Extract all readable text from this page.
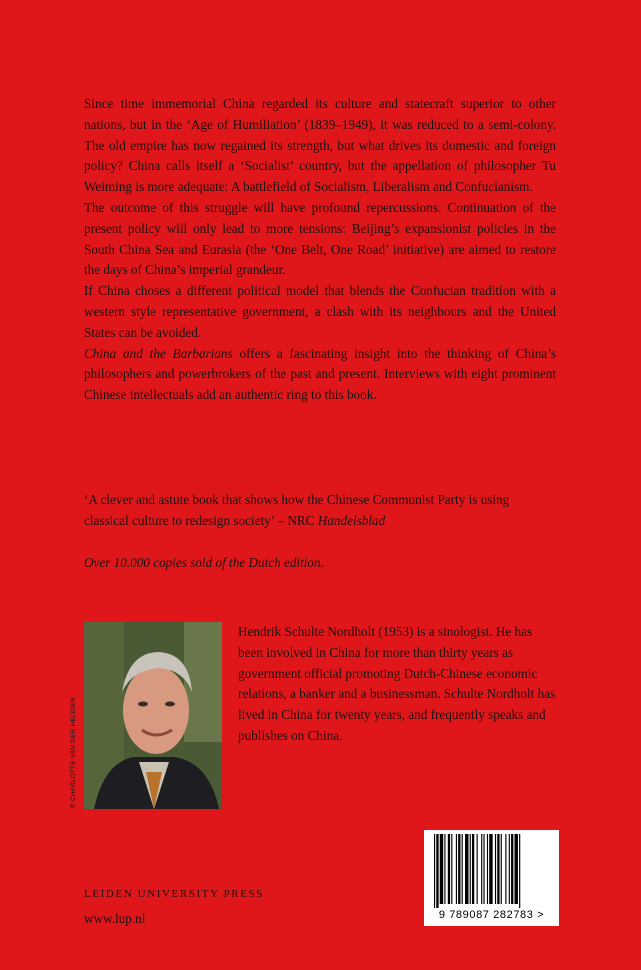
Since time immemorial China regarded its culture and statecraft superior to other nations, but in the ‘Age of Humiliation’ (1839–1949), it was reduced to a semi-colony. The old empire has now regained its strength, but what drives its domestic and foreign policy? China calls itself a ‘Socialist’ country, but the appellation of philosopher Tu Weiming is more adequate: A battlefield of Socialism, Liberalism and Confucianism.

The outcome of this struggle will have profound repercussions. Continuation of the present policy will only lead to more tensions: Beijing’s expansionist policies in the South China Sea and Eurasia (the ‘One Belt, One Road’ initiative) are aimed to restore the days of China’s imperial grandeur.

If China choses a different political model that blends the Confucian tradition with a western style representative government, a clash with its neighbours and the United States can be avoided.

China and the Barbarians offers a fascinating insight into the thinking of China’s philosophers and powerbrokers of the past and present. Interviews with eight prominent Chinese intellectuals add an authentic ring to this book.

‘A clever and astute book that shows how the Chinese Communist Party is using classical culture to redesign society’ – NRC Handelsblad
Over 10.000 copies sold of the Dutch edition.
© CHARLOTTE VAN DER HEIJDEN
Hendrik Schulte Nordholt (1953) is a sinologist. He has been involved in China for more than thirty years as government official promoting Dutch-Chinese economic relations, a banker and a businessman. Schulte Nordholt has lived in China for twenty years, and frequently speaks and publishes on China.
LEIDEN UNIVERSITY PRESS
www.lup.nl	9 789087 282783 >
